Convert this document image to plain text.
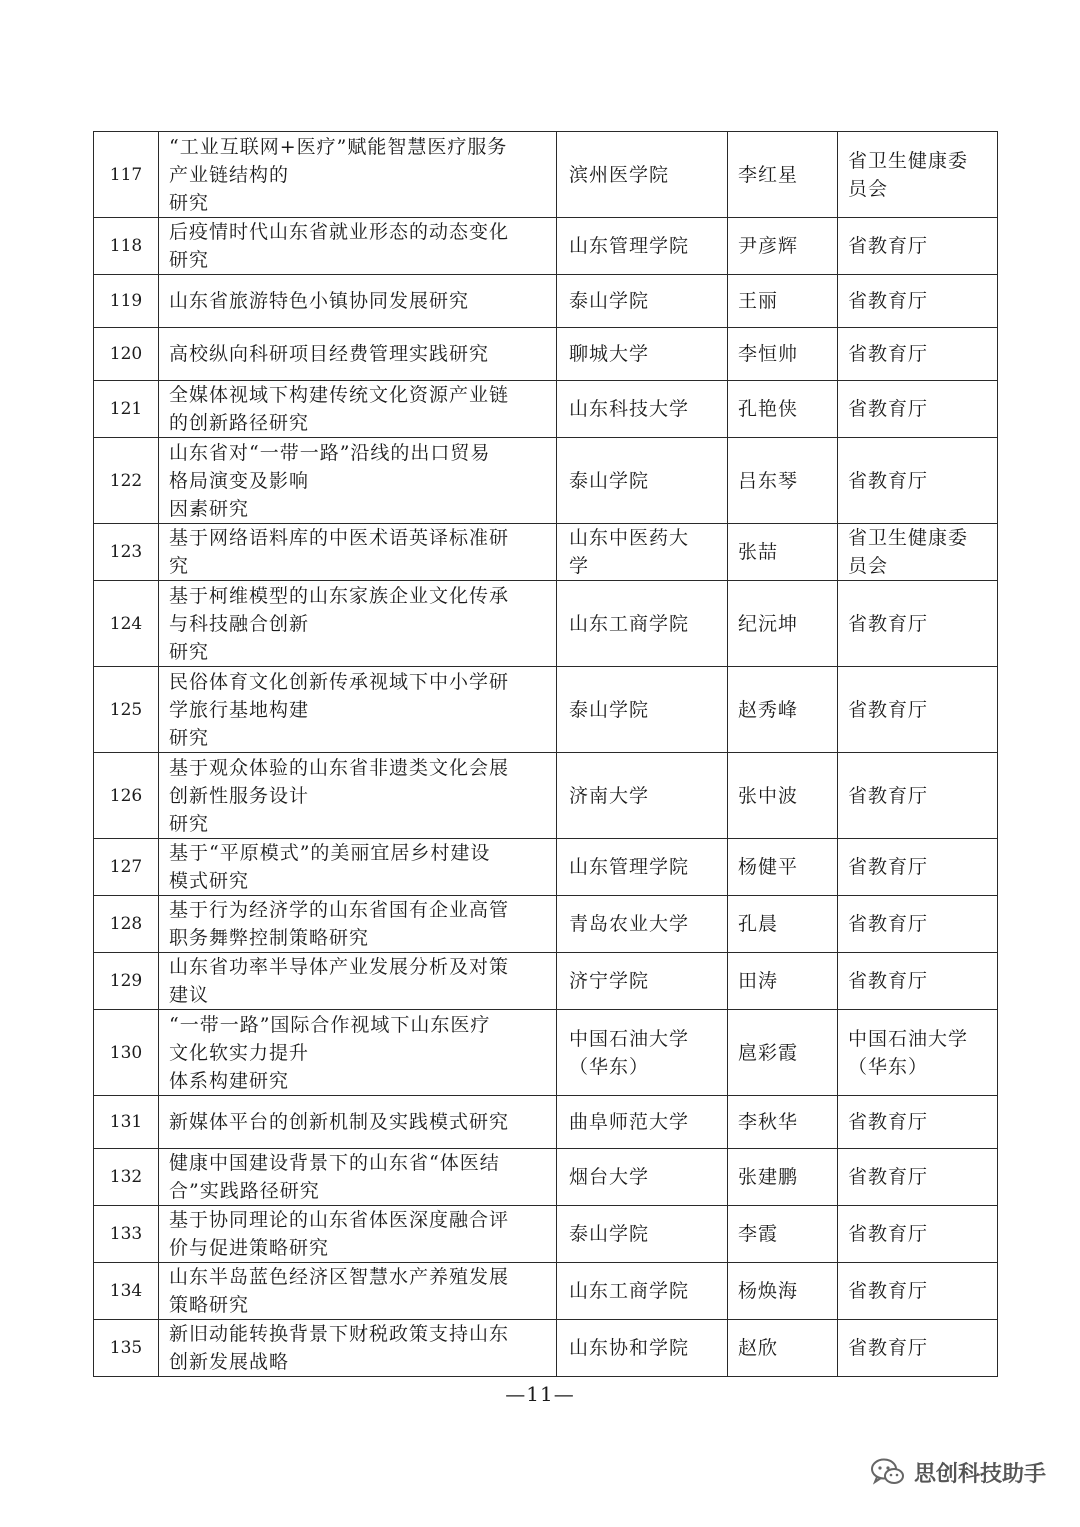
117	“工业互联网+医疗”赋能智慧医疗服务
产业链结构的
研究	滨州医学院	李红星	省卫生健康委
员会

118	后疫情时代山东省就业形态的动态变化
研究	山东管理学院	尹彦辉	省教育厅

119	山东省旅游特色小镇协同发展研究	泰山学院	王丽	省教育厅

120	高校纵向科研项目经费管理实践研究	聊城大学	李恒帅	省教育厅

121	全媒体视域下构建传统文化资源产业链
的创新路径研究	山东科技大学	孔艳侠	省教育厅

122	山东省对“一带一路”沿线的出口贸易
格局演变及影响
因素研究	泰山学院	吕东琴	省教育厅

123	基于网络语料库的中医术语英译标准研
究	山东中医药大
学	张喆	省卫生健康委
员会

124	基于柯维模型的山东家族企业文化传承
与科技融合创新
研究	山东工商学院	纪沅坤	省教育厅

125	民俗体育文化创新传承视域下中小学研
学旅行基地构建
研究	泰山学院	赵秀峰	省教育厅

126	基于观众体验的山东省非遗类文化会展
创新性服务设计
研究	济南大学	张中波	省教育厅

127	基于“平原模式”的美丽宜居乡村建设
模式研究	山东管理学院	杨健平	省教育厅

128	基于行为经济学的山东省国有企业高管
职务舞弊控制策略研究	青岛农业大学	孔晨	省教育厅

129	山东省功率半导体产业发展分析及对策
建议	济宁学院	田涛	省教育厅

130	“一带一路”国际合作视域下山东医疗
文化软实力提升
体系构建研究	中国石油大学
（华东）	扈彩霞	中国石油大学
（华东）

131	新媒体平台的创新机制及实践模式研究	曲阜师范大学	李秋华	省教育厅

132	健康中国建设背景下的山东省“体医结
合”实践路径研究	烟台大学	张建鹏	省教育厅

133	基于协同理论的山东省体医深度融合评
价与促进策略研究	泰山学院	李霞	省教育厅

134	山东半岛蓝色经济区智慧水产养殖发展
策略研究	山东工商学院	杨焕海	省教育厅

135	新旧动能转换背景下财税政策支持山东
创新发展战略	山东协和学院	赵欣	省教育厅
—11—
思创科技助手
